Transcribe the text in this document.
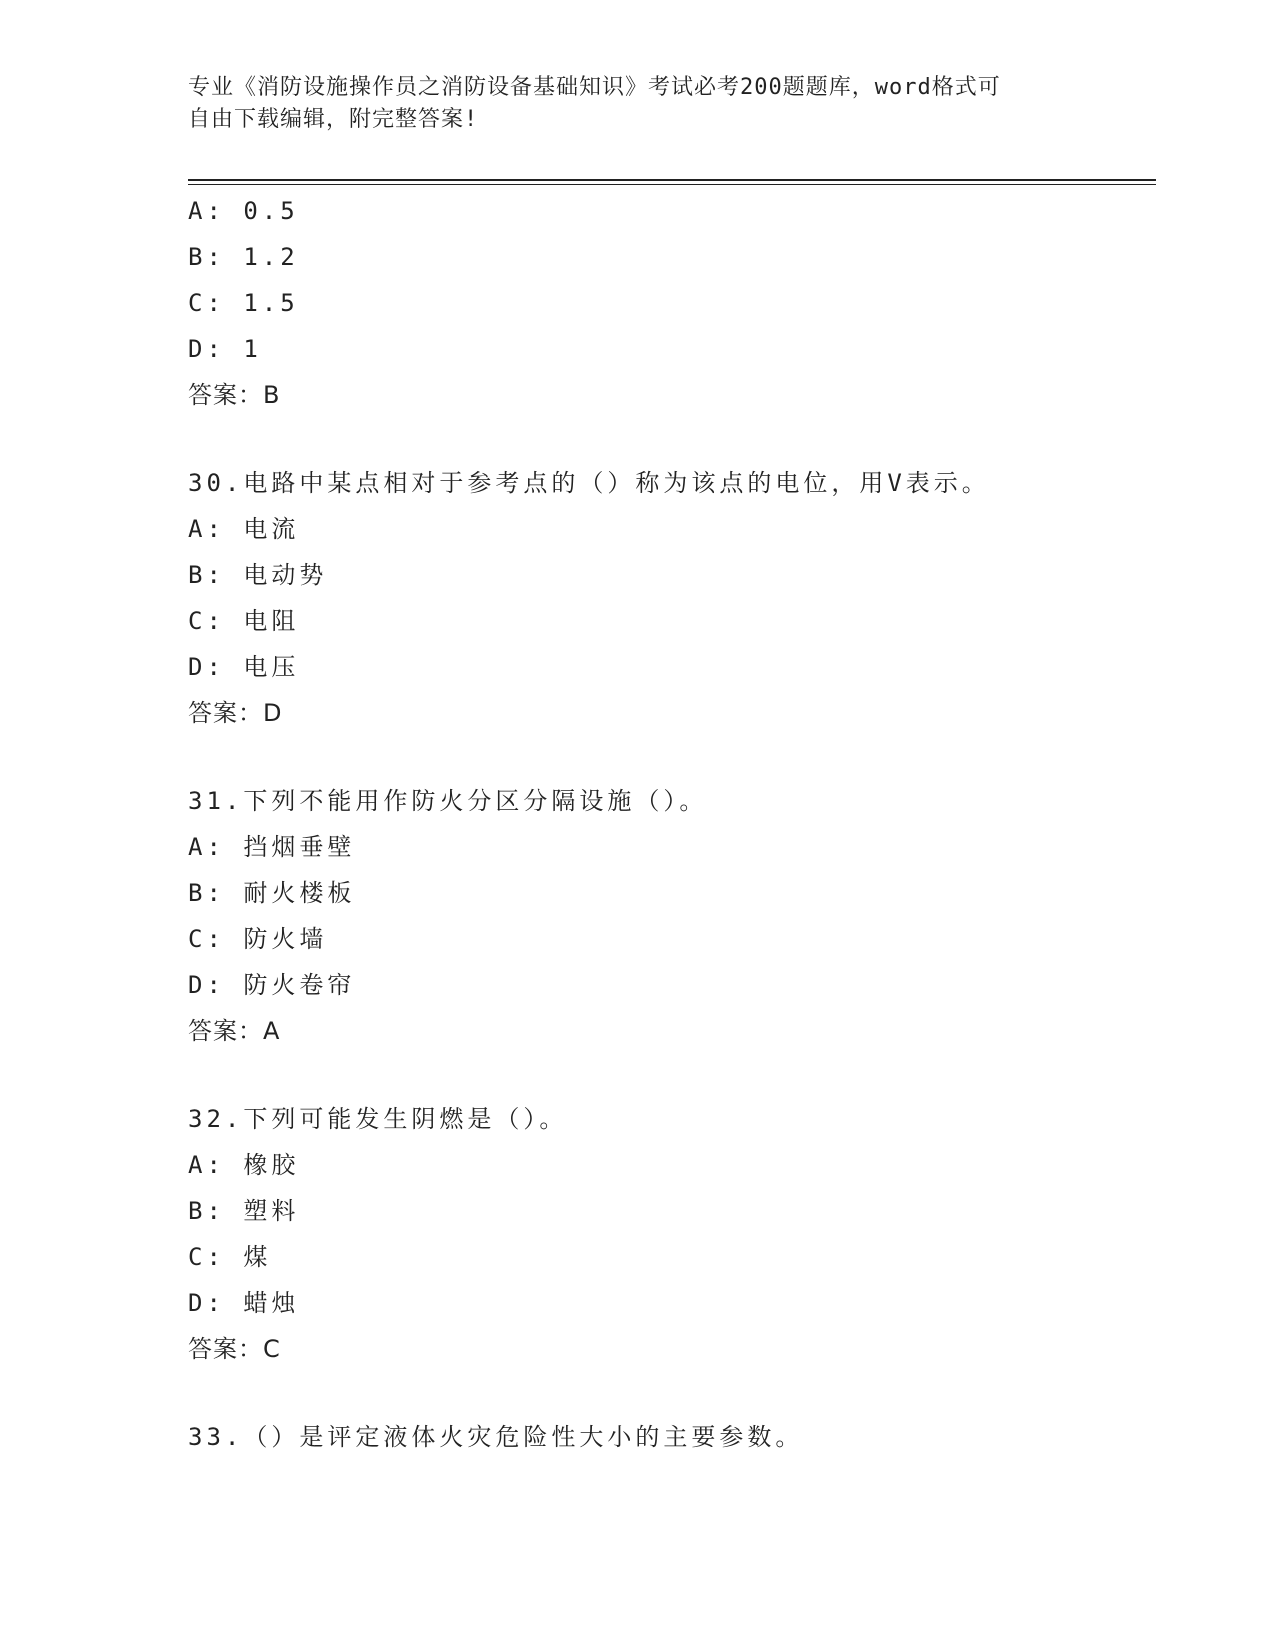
专业《消防设施操作员之消防设备基础知识》考试必考200题题库，word格式可
自由下载编辑，附完整答案!
A: 0.5
B: 1.2
C: 1.5
D: 1
答案：B
30.电路中某点相对于参考点的（）称为该点的电位，用V表示。
A: 电流
B: 电动势
C: 电阻
D: 电压
答案：D
31.下列不能用作防火分区分隔设施（）。
A: 挡烟垂壁
B: 耐火楼板
C: 防火墙
D: 防火卷帘
答案：A
32.下列可能发生阴燃是（）。
A: 橡胶
B: 塑料
C: 煤
D: 蜡烛
答案：C
33.（）是评定液体火灾危险性大小的主要参数。
